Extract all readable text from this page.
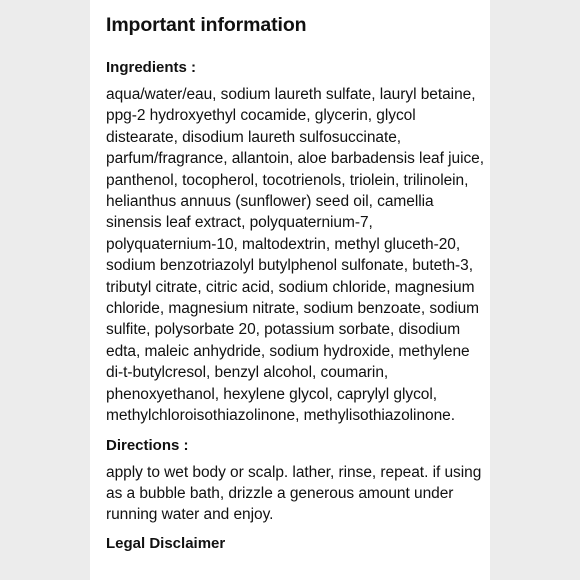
Important information
Ingredients :
aqua/water/eau, sodium laureth sulfate, lauryl betaine, ppg-2 hydroxyethyl cocamide, glycerin, glycol distearate, disodium laureth sulfosuccinate, parfum/fragrance, allantoin, aloe barbadensis leaf juice, panthenol, tocopherol, tocotrienols, triolein, trilinolein, helianthus annuus (sunflower) seed oil, camellia sinensis leaf extract, polyquaternium-7, polyquaternium-10, maltodextrin, methyl gluceth-20, sodium benzotriazolyl butylphenol sulfonate, buteth-3, tributyl citrate, citric acid, sodium chloride, magnesium chloride, magnesium nitrate, sodium benzoate, sodium sulfite, polysorbate 20, potassium sorbate, disodium edta, maleic anhydride, sodium hydroxide, methylene di-t-butylcresol, benzyl alcohol, coumarin, phenoxyethanol, hexylene glycol, caprylyl glycol, methylchloroisothiazolinone, methylisothiazolinone.
Directions :
apply to wet body or scalp. lather, rinse, repeat. if using as a bubble bath, drizzle a generous amount under running water and enjoy.
Legal Disclaimer
